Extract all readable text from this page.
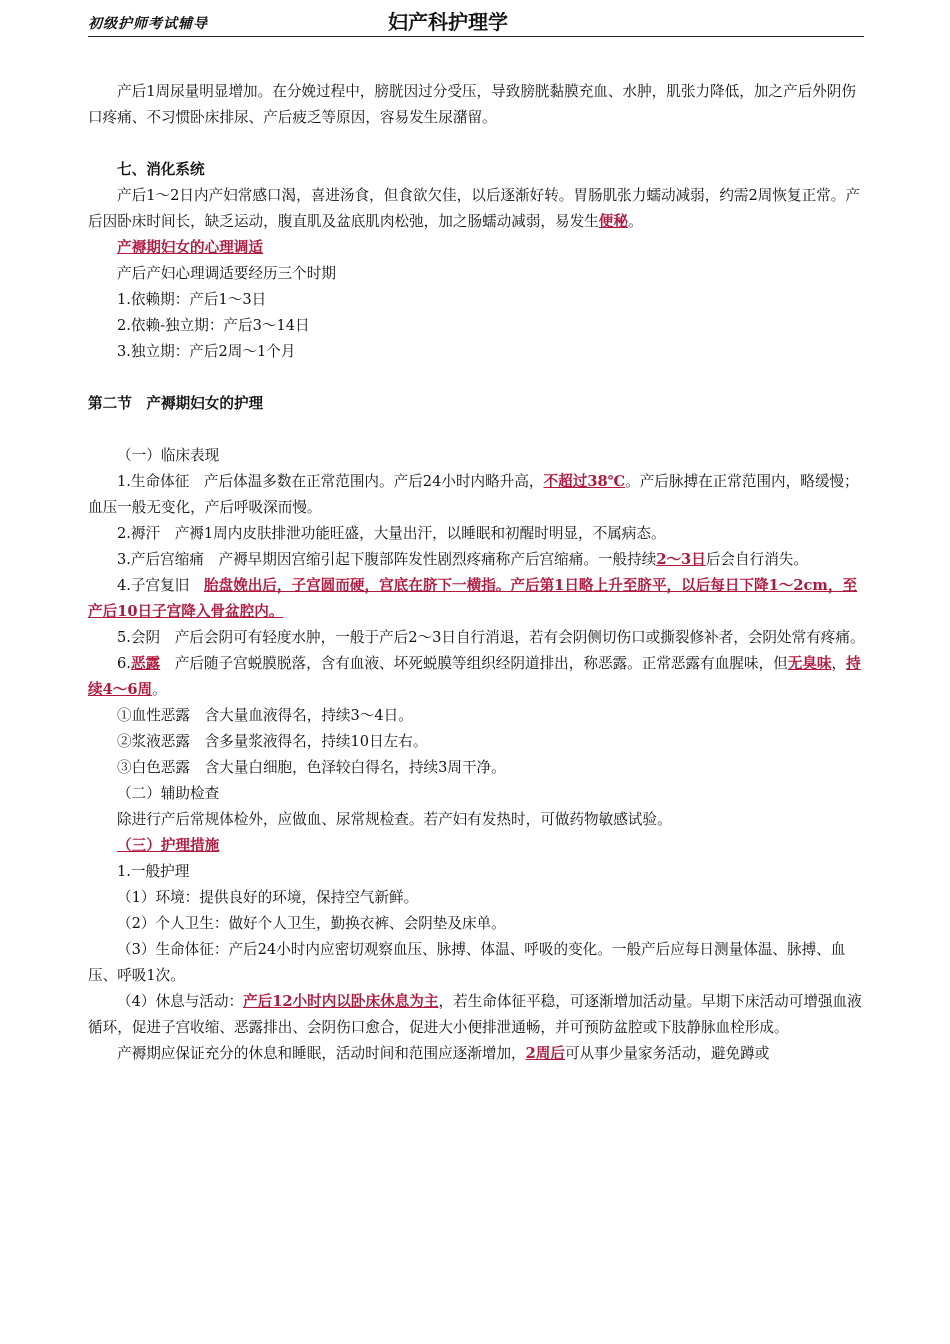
初级护师考试辅导	妇产科护理学

产后1周尿量明显增加。在分娩过程中，膀胱因过分受压，导致膀胱黏膜充血、水肿，肌张力降低，加之产后外阴伤口疼痛、不习惯卧床排尿、产后疲乏等原因，容易发生尿潴留。

七、消化系统

产后1～2日内产妇常感口渴，喜进汤食，但食欲欠佳，以后逐渐好转。胃肠肌张力蠕动减弱，约需2周恢复正常。产后因卧床时间长，缺乏运动，腹直肌及盆底肌肉松弛，加之肠蠕动减弱，易发生便秘。

产褥期妇女的心理调适

产后产妇心理调适要经历三个时期

1.依赖期：产后1～3日

2.依赖-独立期：产后3～14日

3.独立期：产后2周～1个月

第二节　产褥期妇女的护理

（一）临床表现

1.生命体征　产后体温多数在正常范围内。产后24小时内略升高，不超过38℃。产后脉搏在正常范围内，略缓慢；血压一般无变化，产后呼吸深而慢。

2.褥汗　产褥1周内皮肤排泄功能旺盛，大量出汗，以睡眠和初醒时明显，不属病态。

3.产后宫缩痛　产褥早期因宫缩引起下腹部阵发性剧烈疼痛称产后宫缩痛。一般持续2～3日后会自行消失。

4.子宫复旧　胎盘娩出后，子宫圆而硬，宫底在脐下一横指。产后第1日略上升至脐平，以后每日下降1～2cm，至产后10日子宫降入骨盆腔内。

5.会阴　产后会阴可有轻度水肿，一般于产后2～3日自行消退，若有会阴侧切伤口或撕裂修补者，会阴处常有疼痛。

6.恶露　产后随子宫蜕膜脱落，含有血液、坏死蜕膜等组织经阴道排出，称恶露。正常恶露有血腥味，但无臭味，持续4～6周。

①血性恶露　含大量血液得名，持续3～4日。

②浆液恶露　含多量浆液得名，持续10日左右。

③白色恶露　含大量白细胞，色泽较白得名，持续3周干净。

（二）辅助检查

除进行产后常规体检外，应做血、尿常规检查。若产妇有发热时，可做药物敏感试验。

（三）护理措施

1.一般护理

（1）环境：提供良好的环境，保持空气新鲜。

（2）个人卫生：做好个人卫生，勤换衣裤、会阴垫及床单。

（3）生命体征：产后24小时内应密切观察血压、脉搏、体温、呼吸的变化。一般产后应每日测量体温、脉搏、血压、呼吸1次。

（4）休息与活动：产后12小时内以卧床休息为主，若生命体征平稳，可逐渐增加活动量。早期下床活动可增强血液循环，促进子宫收缩、恶露排出、会阴伤口愈合，促进大小便排泄通畅，并可预防盆腔或下肢静脉血栓形成。

产褥期应保证充分的休息和睡眠，活动时间和范围应逐渐增加，2周后可从事少量家务活动，避免蹲或
